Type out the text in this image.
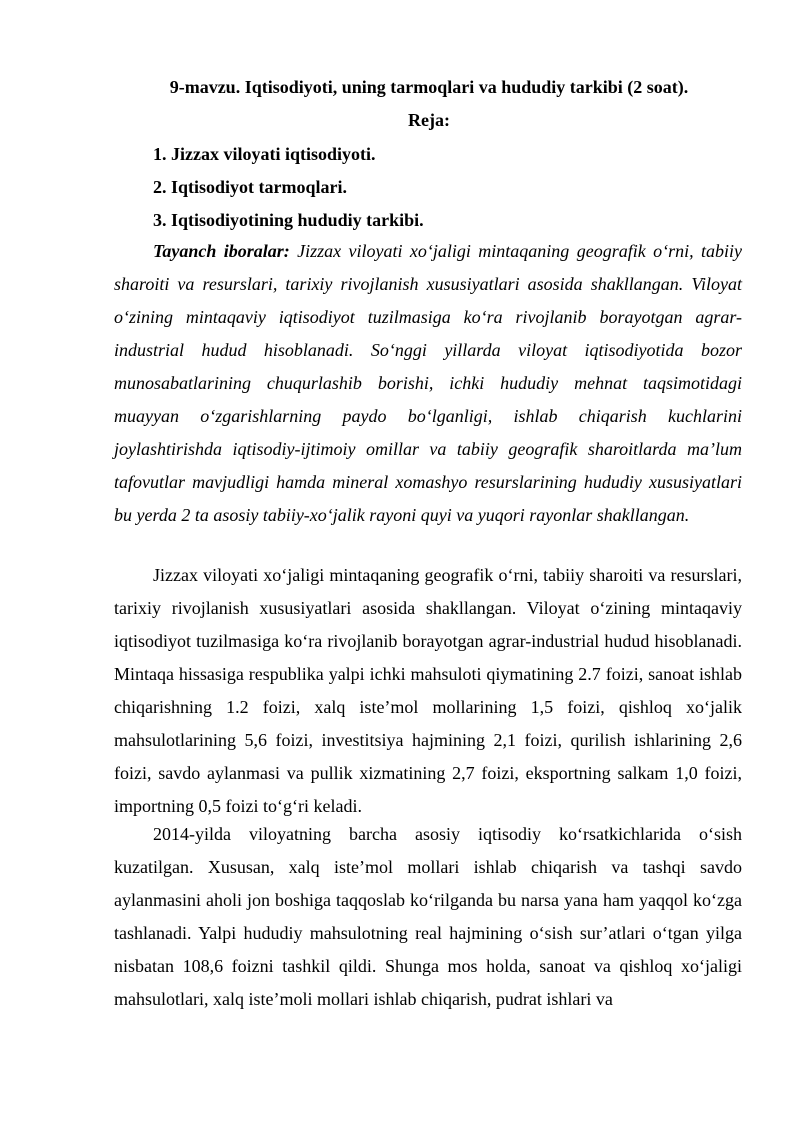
9-mavzu. Iqtisodiyoti, uning tarmoqlari va hududiy tarkibi (2 soat).
Reja:
1. Jizzax viloyati iqtisodiyoti.
2. Iqtisodiyot tarmoqlari.
3. Iqtisodiyotining hududiy tarkibi.

Tayanch iboralar: Jizzax viloyati xo‘jaligi mintaqaning geografik o‘rni, tabiiy sharoiti va resurslari, tarixiy rivojlanish xususiyatlari asosida shakllangan. Viloyat o‘zining mintaqaviy iqtisodiyot tuzilmasiga ko‘ra rivojlanib borayotgan agrar-industrial hudud hisoblanadi. So‘nggi yillarda viloyat iqtisodiyotida bozor munosabatlarining chuqurlashib borishi, ichki hududiy mehnat taqsimotidagi muayyan o‘zgarishlarning paydo bo‘lganligi, ishlab chiqarish kuchlarini joylashtirishda iqtisodiy-ijtimoiy omillar va tabiiy geografik sharoitlarda ma’lum tafovutlar mavjudligi hamda mineral xomashyo resurslarining hududiy xususiyatlari bu yerda 2 ta asosiy tabiiy-xo‘jalik rayoni quyi va yuqori rayonlar shakllangan.

Jizzax viloyati xo‘jaligi mintaqaning geografik o‘rni, tabiiy sharoiti va resurslari, tarixiy rivojlanish xususiyatlari asosida shakllangan. Viloyat o‘zining mintaqaviy iqtisodiyot tuzilmasiga ko‘ra rivojlanib borayotgan agrar-industrial hudud hisoblanadi. Mintaqa hissasiga respublika yalpi ichki mahsuloti qiymatining 2.7 foizi, sanoat ishlab chiqarishning 1.2 foizi, xalq iste’mol mollarining 1,5 foizi, qishloq xo‘jalik mahsulotlarining 5,6 foizi, investitsiya hajmining 2,1 foizi, qurilish ishlarining 2,6 foizi, savdo aylanmasi va pullik xizmatining 2,7 foizi, eksportning salkam 1,0 foizi, importning 0,5 foizi to‘g‘ri keladi.

2014-yilda viloyatning barcha asosiy iqtisodiy ko‘rsatkichlarida o‘sish kuzatilgan. Xususan, xalq iste’mol mollari ishlab chiqarish va tashqi savdo aylanmasini aholi jon boshiga taqqoslab ko‘rilganda bu narsa yana ham yaqqol ko‘zga tashlanadi. Yalpi hududiy mahsulotning real hajmining o‘sish sur’atlari o‘tgan yilga nisbatan 108,6 foizni tashkil qildi. Shunga mos holda, sanoat va qishloq xo‘jaligi mahsulotlari, xalq iste’moli mollari ishlab chiqarish, pudrat ishlari va
